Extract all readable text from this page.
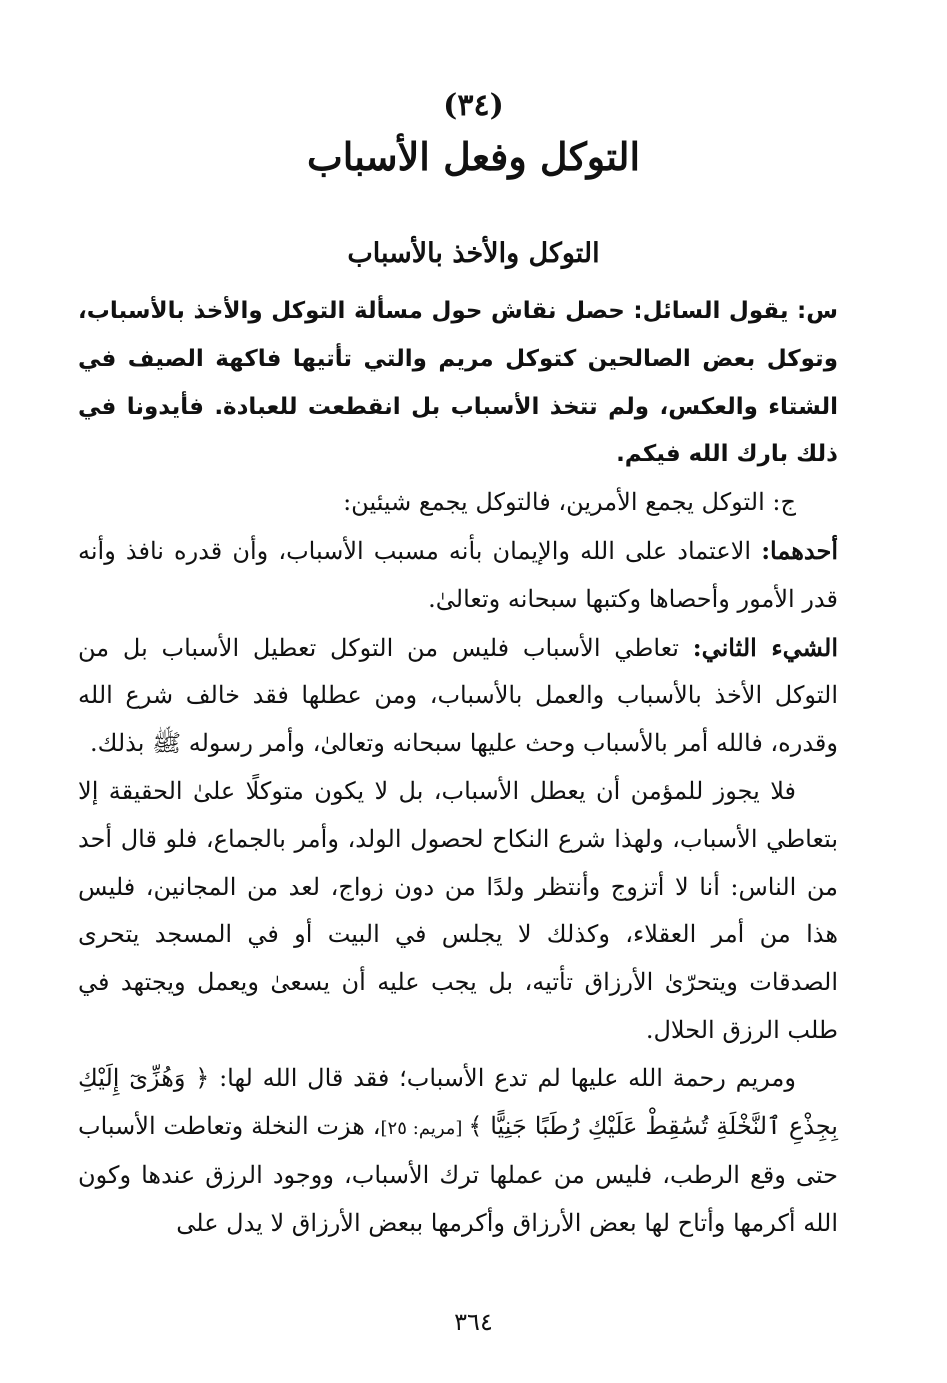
(٣٤)
التوكل وفعل الأسباب
التوكل والأخذ بالأسباب

س: يقول السائل: حصل نقاش حول مسألة التوكل والأخذ بالأسباب، وتوكل بعض الصالحين كتوكل مريم والتي تأتيها فاكهة الصيف في الشتاء والعكس، ولم تتخذ الأسباب بل انقطعت للعبادة. فأيدونا في ذلك بارك الله فيكم.

ج: التوكل يجمع الأمرين، فالتوكل يجمع شيئين:

أحدهما: الاعتماد على الله والإيمان بأنه مسبب الأسباب، وأن قدره نافذ وأنه قدر الأمور وأحصاها وكتبها سبحانه وتعالىٰ.

الشيء الثاني: تعاطي الأسباب فليس من التوكل تعطيل الأسباب بل من التوكل الأخذ بالأسباب والعمل بالأسباب، ومن عطلها فقد خالف شرع الله وقدره، فالله أمر بالأسباب وحث عليها سبحانه وتعالىٰ، وأمر رسوله ﷺ بذلك.

فلا يجوز للمؤمن أن يعطل الأسباب، بل لا يكون متوكلًا علىٰ الحقيقة إلا بتعاطي الأسباب، ولهذا شرع النكاح لحصول الولد، وأمر بالجماع، فلو قال أحد من الناس: أنا لا أتزوج وأنتظر ولدًا من دون زواج، لعد من المجانين، فليس هذا من أمر العقلاء، وكذلك لا يجلس في البيت أو في المسجد يتحرى الصدقات ويتحرّىٰ الأرزاق تأتيه، بل يجب عليه أن يسعىٰ ويعمل ويجتهد في طلب الرزق الحلال.

ومريم رحمة الله عليها لم تدع الأسباب؛ فقد قال الله لها: ﴿ وَهُزِّىٓ إِلَيْكِ بِجِذْعِ ٱلنَّخْلَةِ تُسَٰقِطْ عَلَيْكِ رُطَبًا جَنِيًّا ﴾ [مريم: ٢٥]، هزت النخلة وتعاطت الأسباب حتى وقع الرطب، فليس من عملها ترك الأسباب، ووجود الرزق عندها وكون الله أكرمها وأتاح لها بعض الأرزاق وأكرمها ببعض الأرزاق لا يدل على

٣٦٤
